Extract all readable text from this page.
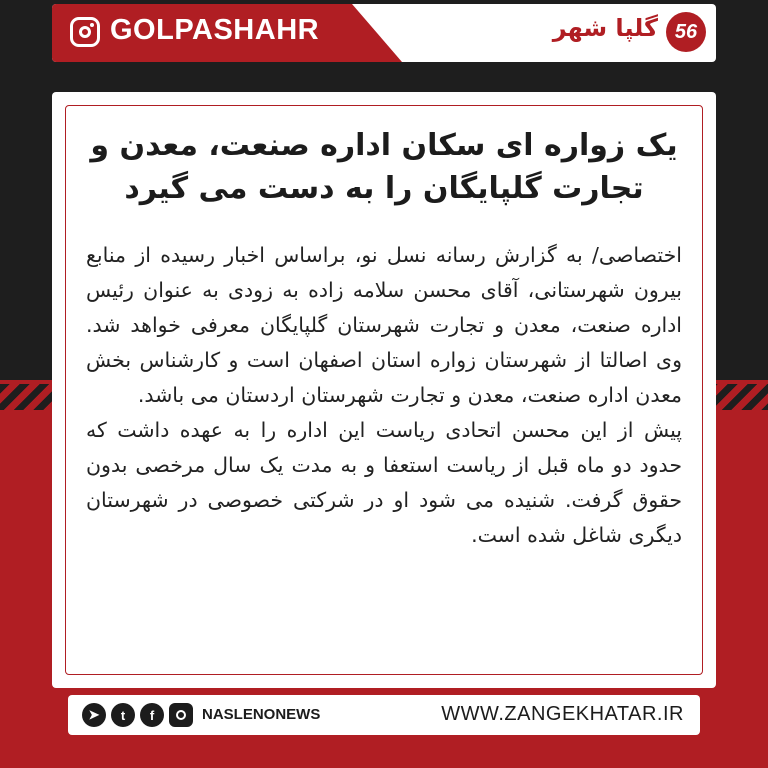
GOLPASHAHR	گلپا شهر 56
یک زواره ای سکان اداره صنعت، معدن و تجارت گلپایگان را به دست می گیرد

اختصاصی/ به گزارش رسانه نسل نو، براساس اخبار رسیده از منابع بیرون شهرستانی، آقای محسن سلامه زاده به زودی به عنوان رئیس اداره صنعت، معدن و تجارت شهرستان گلپایگان معرفی خواهد شد. وی اصالتا از شهرستان زواره استان اصفهان است و کارشناس بخش معدن اداره صنعت، معدن و تجارت شهرستان اردستان می باشد.

پیش از این محسن اتحادی ریاست این اداره را به عهده داشت که حدود دو ماه قبل از ریاست استعفا و به مدت یک سال مرخصی بدون حقوق گرفت. شنیده می شود او در شرکتی خصوصی در شهرستان دیگری شاغل شده است.

➤	t	f	NASLENONEWS	WWW.ZANGEKHATAR.IR
